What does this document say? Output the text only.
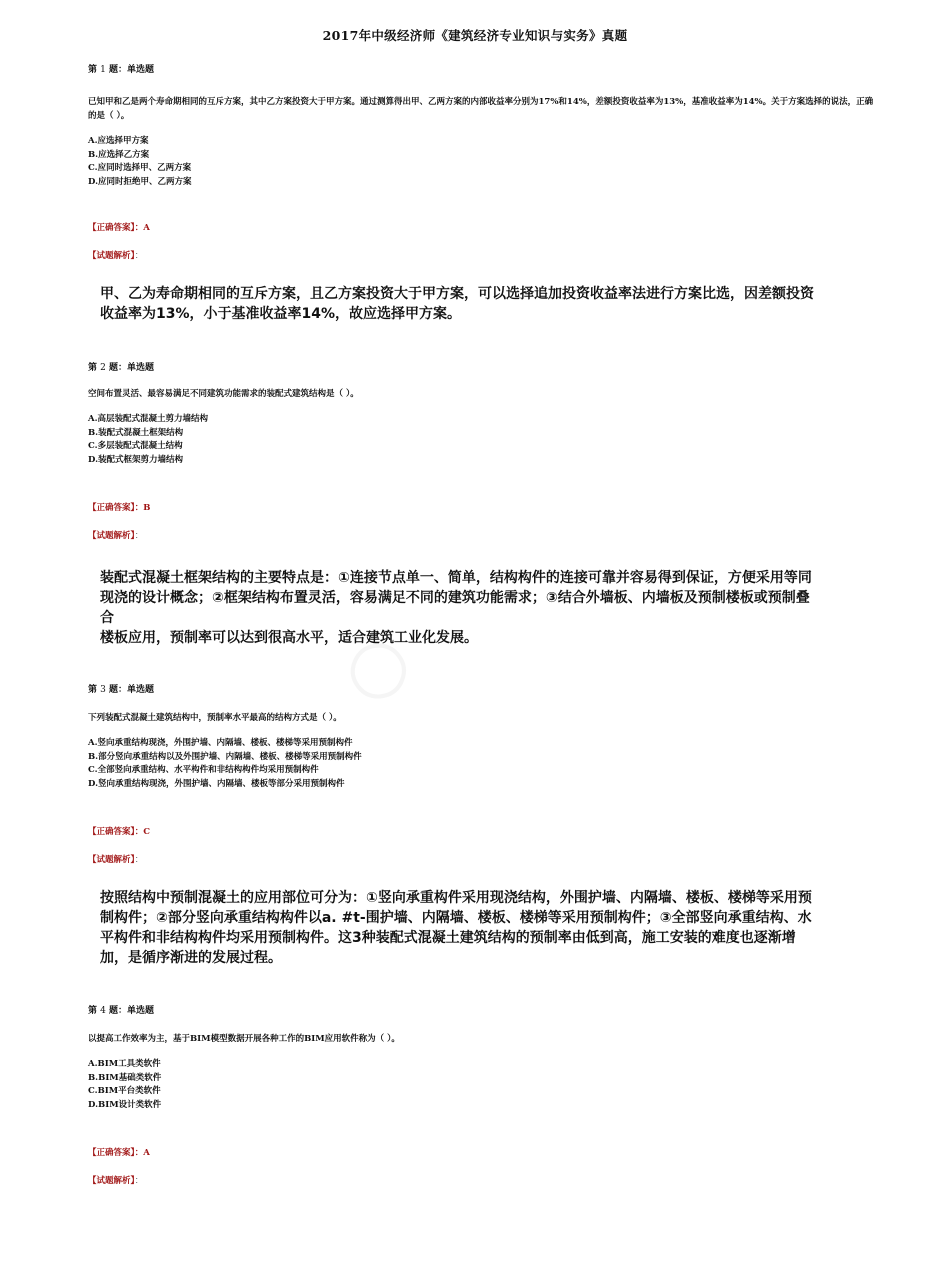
○
2017年中级经济师《建筑经济专业知识与实务》真题

第 1 题：单选题

已知甲和乙是两个寿命期相同的互斥方案，其中乙方案投资大于甲方案。通过测算得出甲、乙两方案的内部收益率分别为17%和14%，差额投资收益率为13%，基准收益率为14%。关于方案选择的说法，正确的是（ ）。

A.应选择甲方案
B.应选择乙方案
C.应同时选择甲、乙两方案
D.应同时拒绝甲、乙两方案
【正确答案】：A
【试题解析】：
甲、乙为寿命期相同的互斥方案，且乙方案投资大于甲方案，可以选择追加投资收益率法进行方案比选，因差额投资
收益率为13%，小于基准收益率14%，故应选择甲方案。

第 2 题：单选题

空间布置灵活、最容易满足不同建筑功能需求的装配式建筑结构是（ ）。

A.高层装配式混凝土剪力墙结构
B.装配式混凝土框架结构
C.多层装配式混凝土结构
D.装配式框架剪力墙结构
【正确答案】：B
【试题解析】：
装配式混凝土框架结构的主要特点是：①连接节点单一、简单，结构构件的连接可靠并容易得到保证，方便采用等同
现浇的设计概念；②框架结构布置灵活，容易满足不同的建筑功能需求；③结合外墙板、内墙板及预制楼板或预制叠
合
楼板应用，预制率可以达到很高水平，适合建筑工业化发展。

第 3 题：单选题

下列装配式混凝土建筑结构中，预制率水平最高的结构方式是（ ）。

A.竖向承重结构现浇，外围护墙、内隔墙、楼板、楼梯等采用预制构件
B.部分竖向承重结构以及外围护墙、内隔墙、楼板、楼梯等采用预制构件
C.全部竖向承重结构、水平构件和非结构构件均采用预制构件
D.竖向承重结构现浇，外围护墙、内隔墙、楼板等部分采用预制构件
【正确答案】：C
【试题解析】：
按照结构中预制混凝土的应用部位可分为：①竖向承重构件采用现浇结构，外围护墙、内隔墙、楼板、楼梯等采用预
制构件；②部分竖向承重结构构件以a. #t-围护墙、内隔墙、楼板、楼梯等采用预制构件；③全部竖向承重结构、水
平构件和非结构构件均采用预制构件。这3种装配式混凝土建筑结构的预制率由低到高，施工安装的难度也逐渐增
加，是循序渐进的发展过程。

第 4 题：单选题

以提高工作效率为主，基于BIM模型数据开展各种工作的BIM应用软件称为（ ）。

A.BIM工具类软件
B.BIM基础类软件
C.BIM平台类软件
D.BIM设计类软件
【正确答案】：A
【试题解析】：
